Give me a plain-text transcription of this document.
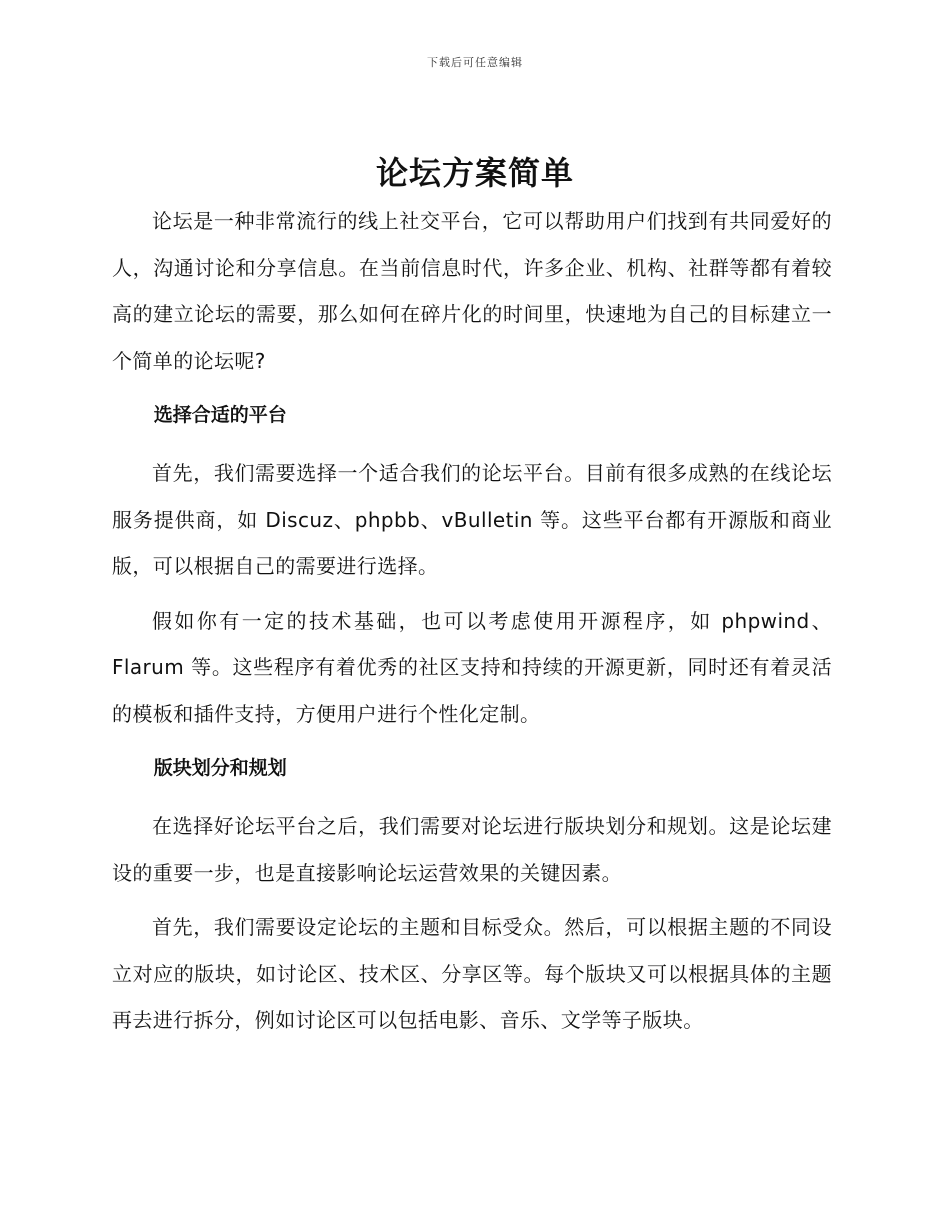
下载后可任意编辑
论坛方案简单

论坛是一种非常流行的线上社交平台，它可以帮助用户们找到有共同爱好的人，沟通讨论和分享信息。在当前信息时代，许多企业、机构、社群等都有着较高的建立论坛的需要，那么如何在碎片化的时间里，快速地为自己的目标建立一个简单的论坛呢?

选择合适的平台

首先，我们需要选择一个适合我们的论坛平台。目前有很多成熟的在线论坛服务提供商，如 Discuz、phpbb、vBulletin 等。这些平台都有开源版和商业版，可以根据自己的需要进行选择。

假如你有一定的技术基础，也可以考虑使用开源程序，如 phpwind、Flarum 等。这些程序有着优秀的社区支持和持续的开源更新，同时还有着灵活的模板和插件支持，方便用户进行个性化定制。

版块划分和规划

在选择好论坛平台之后，我们需要对论坛进行版块划分和规划。这是论坛建设的重要一步，也是直接影响论坛运营效果的关键因素。

首先，我们需要设定论坛的主题和目标受众。然后，可以根据主题的不同设立对应的版块，如讨论区、技术区、分享区等。每个版块又可以根据具体的主题再去进行拆分，例如讨论区可以包括电影、音乐、文学等子版块。
